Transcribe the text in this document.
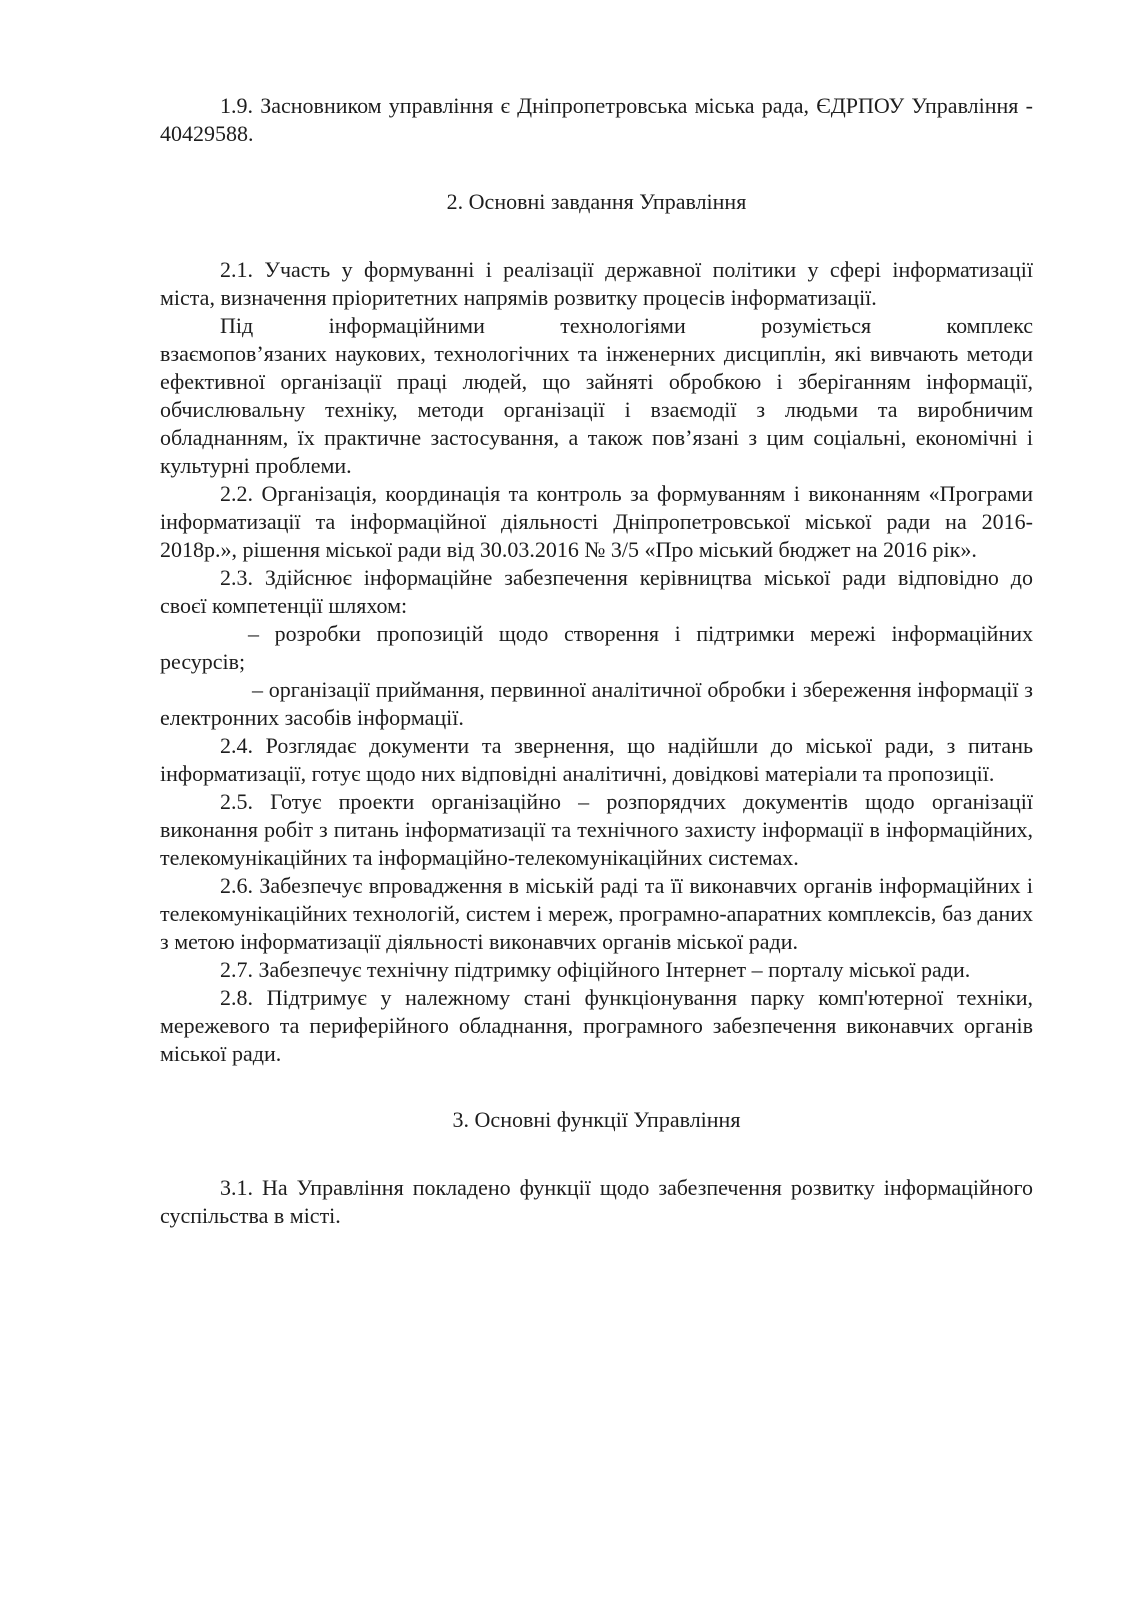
1.9. Засновником управління є Дніпропетровська міська рада, ЄДРПОУ Управління - 40429588.

2. Основні завдання Управління

2.1. Участь у формуванні і реалізації державної політики у сфері інформатизації міста, визначення пріоритетних напрямів розвитку процесів інформатизації.

Під інформаційними технологіями розуміється комплекс

взаємопов’язаних наукових, технологічних та інженерних дисциплін, які вивчають методи ефективної організації праці людей, що зайняті обробкою і зберіганням інформації, обчислювальну техніку, методи організації і взаємодії з людьми та виробничим обладнанням, їх практичне застосування, а також пов’язані з цим соціальні, економічні і культурні проблеми.

2.2. Організація, координація та контроль за формуванням і виконанням «Програми інформатизації та інформаційної діяльності Дніпропетровської міської ради на 2016-2018р.», рішення міської ради від 30.03.2016 № 3/5 «Про міський бюджет на 2016 рік».

2.3. Здійснює інформаційне забезпечення керівництва міської ради відповідно до своєї компетенції шляхом:

– розробки пропозицій щодо створення і підтримки мережі інформаційних ресурсів;

– організації приймання, первинної аналітичної обробки і збереження інформації з електронних засобів інформації.

2.4. Розглядає документи та звернення, що надійшли до міської ради, з питань інформатизації, готує щодо них відповідні аналітичні, довідкові матеріали та пропозиції.

2.5. Готує проекти організаційно – розпорядчих документів щодо організації виконання робіт з питань інформатизації та технічного захисту інформації в інформаційних, телекомунікаційних та інформаційно-телекомунікаційних системах.

2.6. Забезпечує впровадження в міській раді та її виконавчих органів інформаційних і телекомунікаційних технологій, систем і мереж, програмно-апаратних комплексів, баз даних з метою інформатизації діяльності виконавчих органів міської ради.

2.7. Забезпечує технічну підтримку офіційного Інтернет – порталу міської ради.

2.8. Підтримує у належному стані функціонування парку комп'ютерної техніки, мережевого та периферійного обладнання, програмного забезпечення виконавчих органів міської ради.

3. Основні функції Управління

3.1. На Управління покладено функції щодо забезпечення розвитку інформаційного суспільства в місті.
